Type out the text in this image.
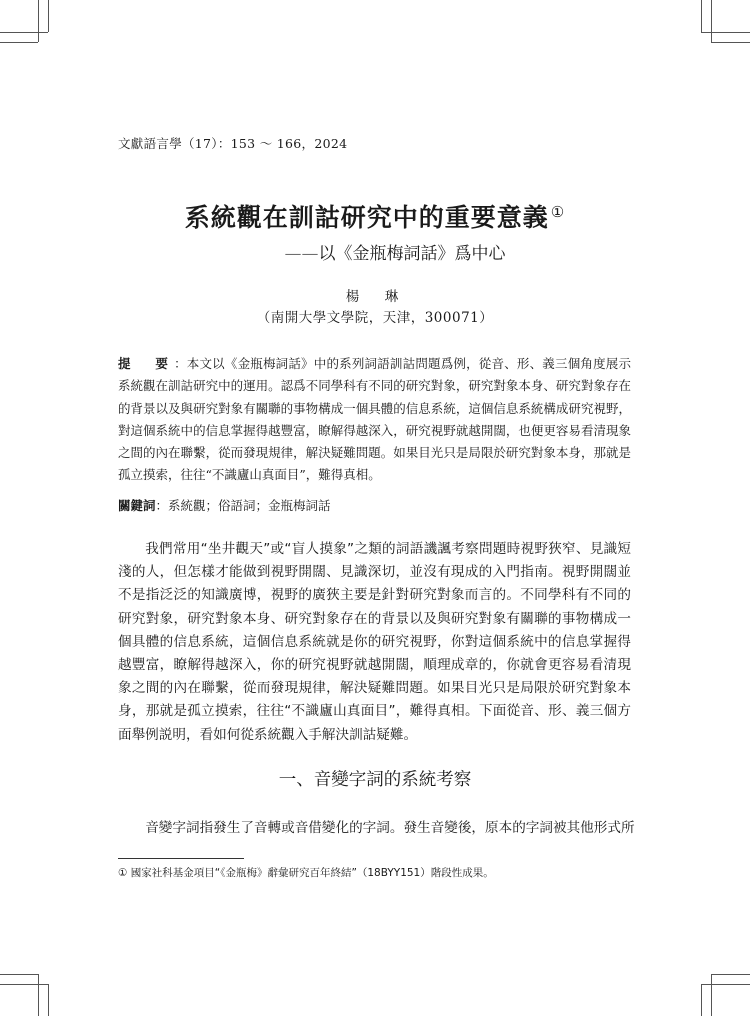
文獻語言學（17）：153 ～ 166，2024
系統觀在訓詁研究中的重要意義 ①
——以《金瓶梅詞話》爲中心
楊　琳
（南開大學文學院，天津，300071）
提　要：本文以《金瓶梅詞話》中的系列詞語訓詁問題爲例，從音、形、義三個角度展示系統觀在訓詁研究中的運用。認爲不同學科有不同的研究對象，研究對象本身、研究對象存在的背景以及與研究對象有關聯的事物構成一個具體的信息系統，這個信息系統構成研究視野，對這個系統中的信息掌握得越豐富，瞭解得越深入，研究視野就越開闊，也便更容易看清現象之間的內在聯繫，從而發現規律，解決疑難問題。如果目光只是局限於研究對象本身，那就是孤立摸索，往往“不識廬山真面目”，難得真相。
關鍵詞：系統觀；俗語詞；金瓶梅詞話

我們常用“坐井觀天”或“盲人摸象”之類的詞語譏諷考察問題時視野狹窄、見識短淺的人，但怎樣才能做到視野開闊、見識深切，並沒有現成的入門指南。視野開闊並不是指泛泛的知識廣博，視野的廣狹主要是針對研究對象而言的。不同學科有不同的研究對象，研究對象本身、研究對象存在的背景以及與研究對象有關聯的事物構成一個具體的信息系統，這個信息系統就是你的研究視野，你對這個系統中的信息掌握得越豐富，瞭解得越深入，你的研究視野就越開闊，順理成章的，你就會更容易看清現象之間的內在聯繫，從而發現規律，解決疑難問題。如果目光只是局限於研究對象本身，那就是孤立摸索，往往“不識廬山真面目”，難得真相。下面從音、形、義三個方面舉例説明，看如何從系統觀入手解決訓詁疑難。

一、音變字詞的系統考察

音變字詞指發生了音轉或音借變化的字詞。發生音變後，原本的字詞被其他形式所

① 國家社科基金項目“《金瓶梅》辭彙研究百年終結”（18BYY151）階段性成果。
